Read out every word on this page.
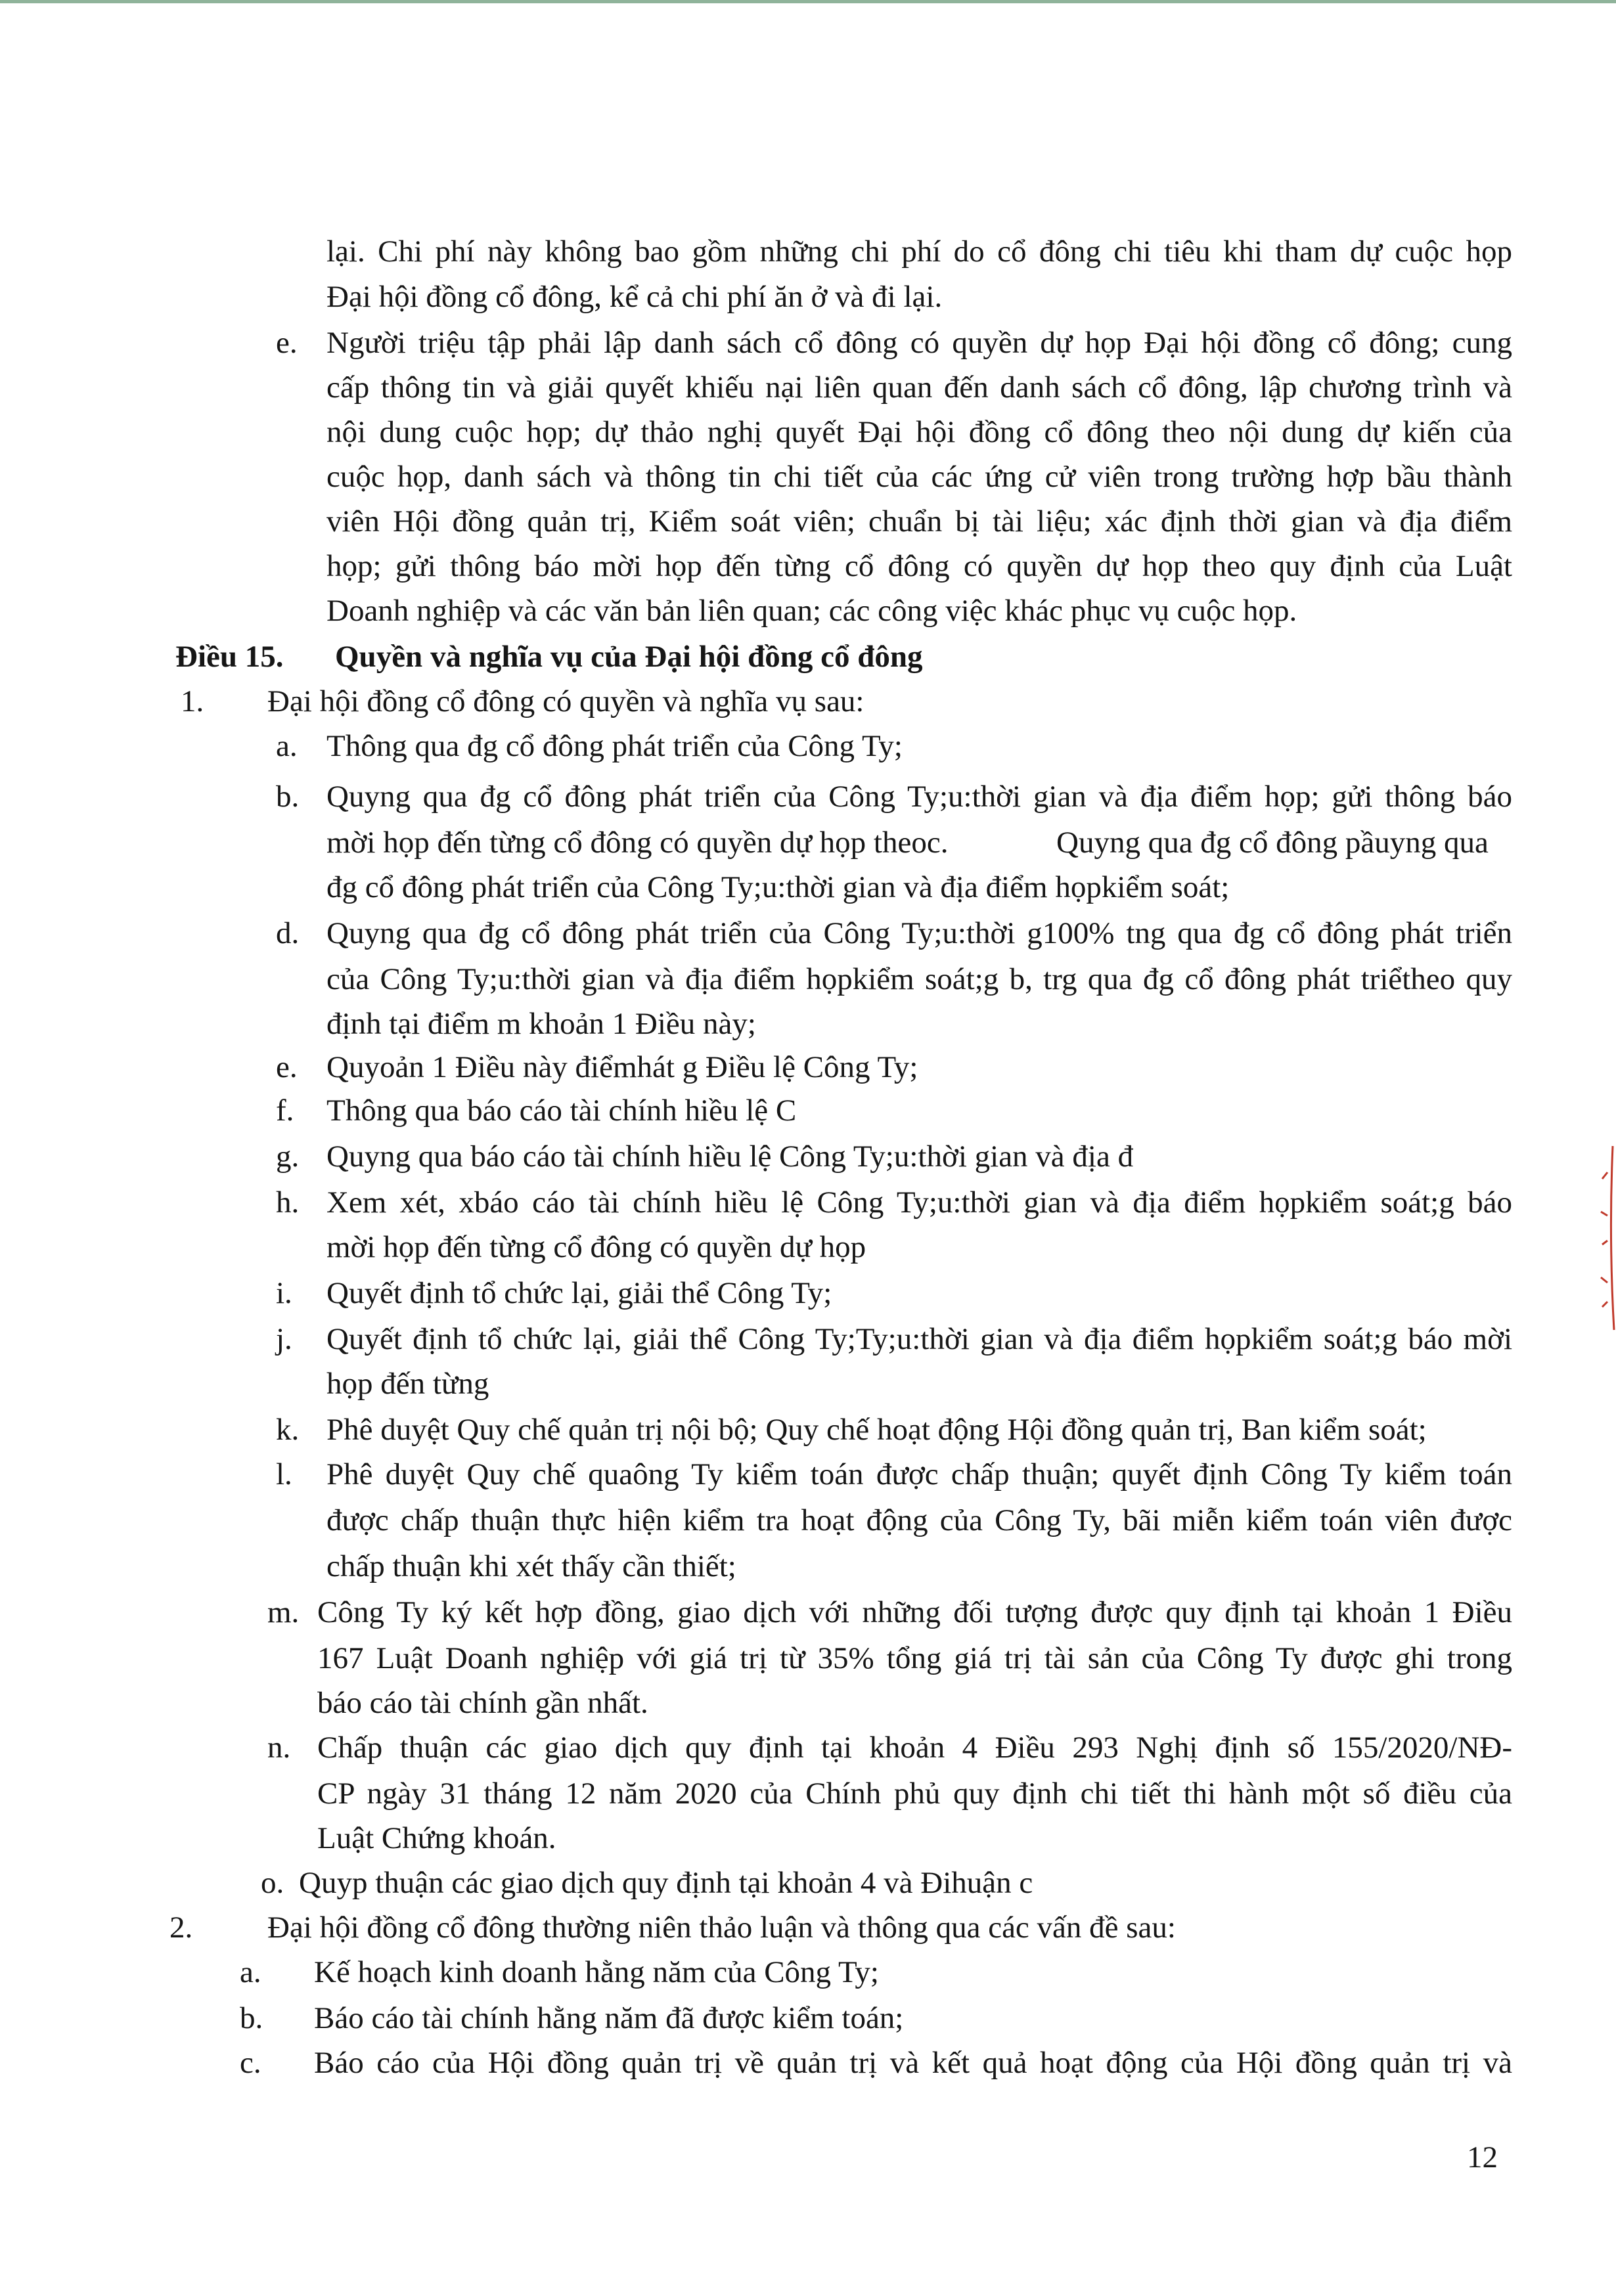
lại. Chi phí này không bao gồm những chi phí do cổ đông chi tiêu khi tham dự cuộc họp
Đại hội đồng cổ đông, kể cả chi phí ăn ở và đi lại.
e. Người triệu tập phải lập danh sách cổ đông có quyền dự họp Đại hội đồng cổ đông; cung
cấp thông tin và giải quyết khiếu nại liên quan đến danh sách cổ đông, lập chương trình và
nội dung cuộc họp; dự thảo nghị quyết Đại hội đồng cổ đông theo nội dung dự kiến của
cuộc họp, danh sách và thông tin chi tiết của các ứng cử viên trong trường hợp bầu thành
viên Hội đồng quản trị, Kiểm soát viên; chuẩn bị tài liệu; xác định thời gian và địa điểm
họp; gửi thông báo mời họp đến từng cổ đông có quyền dự họp theo quy định của Luật
Doanh nghiệp và các văn bản liên quan; các công việc khác phục vụ cuộc họp.
Điều 15. Quyền và nghĩa vụ của Đại hội đồng cổ đông
1. Đại hội đồng cổ đông có quyền và nghĩa vụ sau:
a. Thông qua đg cổ đông phát triển của Công Ty;
b. Quyng qua đg cổ đông phát triển của Công Ty;u:thời gian và địa điểm họp; gửi thông báo
mời họp đến từng cổ đông có quyền dự họp theoc.	Quyng qua đg cổ đông pầuyng qua
đg cổ đông phát triển của Công Ty;u:thời gian và địa điểm họpkiểm soát;
d. Quyng qua đg cổ đông phát triển của Công Ty;u:thời g100% tng qua đg cổ đông phát triển
của Công Ty;u:thời gian và địa điểm họpkiểm soát;g b, trg qua đg cổ đông phát triểtheo quy
định tại điểm m khoản 1 Điều này;
e. Quyoản 1 Điều này điểmhát g Điều lệ Công Ty;
f. Thông qua báo cáo tài chính hiều lệ C
g. Quyng qua báo cáo tài chính hiều lệ Công Ty;u:thời gian và địa đ
h. Xem xét, xbáo cáo tài chính hiều lệ Công Ty;u:thời gian và địa điểm họpkiểm soát;g báo
mời họp đến từng cổ đông có quyền dự họp
i. Quyết định tổ chức lại, giải thể Công Ty;
j. Quyết định tổ chức lại, giải thể Công Ty;Ty;u:thời gian và địa điểm họpkiểm soát;g báo mời
họp đến từng
k. Phê duyệt Quy chế quản trị nội bộ; Quy chế hoạt động Hội đồng quản trị, Ban kiểm soát;
l. Phê duyệt Quy chế quaông Ty kiểm toán được chấp thuận; quyết định Công Ty kiểm toán
được chấp thuận thực hiện kiểm tra hoạt động của Công Ty, bãi miễn kiểm toán viên được
chấp thuận khi xét thấy cần thiết;
m. Công Ty ký kết hợp đồng, giao dịch với những đối tượng được quy định tại khoản 1 Điều
167 Luật Doanh nghiệp với giá trị từ 35% tổng giá trị tài sản của Công Ty được ghi trong
báo cáo tài chính gần nhất.
n. Chấp thuận các giao dịch quy định tại khoản 4 Điều 293 Nghị định số 155/2020/NĐ-
CP ngày 31 tháng 12 năm 2020 của Chính phủ quy định chi tiết thi hành một số điều của
Luật Chứng khoán.
o. Quyp thuận các giao dịch quy định tại khoản 4 và Đihuận c
2. Đại hội đồng cổ đông thường niên thảo luận và thông qua các vấn đề sau:
a. Kế hoạch kinh doanh hằng năm của Công Ty;
b. Báo cáo tài chính hằng năm đã được kiểm toán;
c. Báo cáo của Hội đồng quản trị về quản trị và kết quả hoạt động của Hội đồng quản trị và
12
